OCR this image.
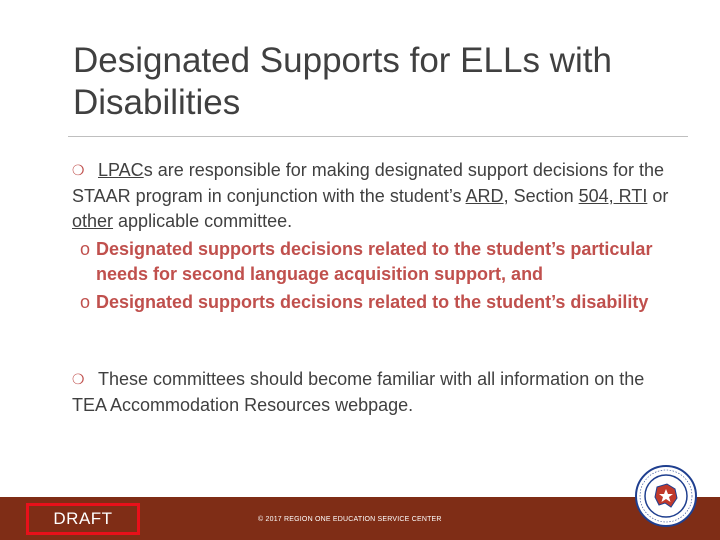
Designated Supports for ELLs with Disabilities

❍ LPACs are responsible for making designated support decisions for the STAAR program in conjunction with the student’s ARD, Section 504, RTI or other applicable committee.

o Designated supports decisions related to the student’s particular needs for second language acquisition support, and

o Designated supports decisions related to the student’s disability

❍ These committees should become familiar with all information on the TEA Accommodation Resources webpage.

DRAFT	© 2017 REGION ONE EDUCATION SERVICE CENTER
